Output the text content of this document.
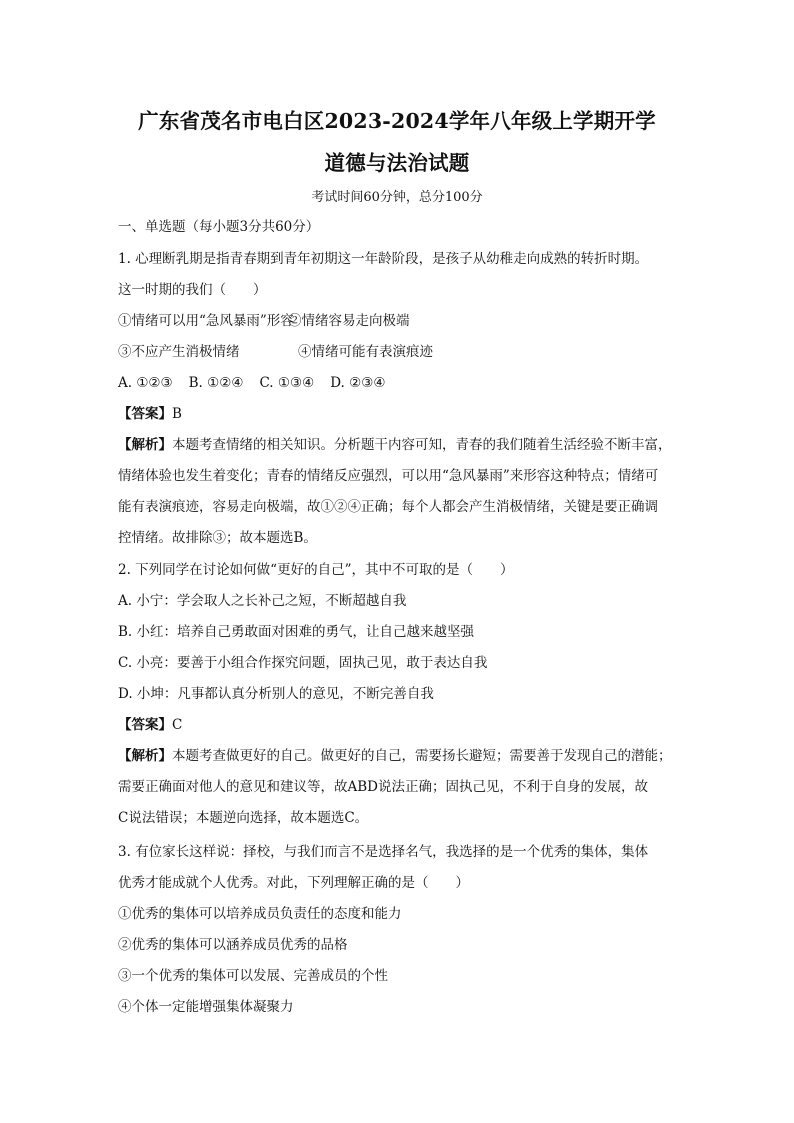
广东省茂名市电白区2023-2024学年八年级上学期开学
道德与法治试题
考试时间60分钟，总分100分
一、单选题（每小题3分共60分）
1. 心理断乳期是指青春期到青年初期这一年龄阶段，是孩子从幼稚走向成熟的转折时期。
这一时期的我们（　　）
①情绪可以用“急风暴雨”形容②情绪容易走向极端
③不应产生消极情绪	④情绪可能有表演痕迹
A. ①②③ B. ①②④ C. ①③④ D. ②③④
【答案】B
【解析】本题考查情绪的相关知识。分析题干内容可知，青春的我们随着生活经验不断丰富，
情绪体验也发生着变化；青春的情绪反应强烈，可以用“急风暴雨”来形容这种特点；情绪可
能有表演痕迹，容易走向极端，故①②④正确；每个人都会产生消极情绪，关键是要正确调
控情绪。故排除③；故本题选B。
2. 下列同学在讨论如何做“更好的自己”，其中不可取的是（　　）
A. 小宁：学会取人之长补己之短，不断超越自我
B. 小红：培养自己勇敢面对困难的勇气，让自己越来越坚强
C. 小亮：要善于小组合作探究问题，固执己见，敢于表达自我
D. 小坤：凡事都认真分析别人的意见，不断完善自我
【答案】C
【解析】本题考查做更好的自己。做更好的自己，需要扬长避短；需要善于发现自己的潜能；
需要正确面对他人的意见和建议等，故ABD说法正确；固执己见，不利于自身的发展，故
C说法错误；本题逆向选择，故本题选C。
3. 有位家长这样说：择校，与我们而言不是选择名气，我选择的是一个优秀的集体，集体
优秀才能成就个人优秀。对此，下列理解正确的是（　　）
①优秀的集体可以培养成员负责任的态度和能力
②优秀的集体可以涵养成员优秀的品格
③一个优秀的集体可以发展、完善成员的个性
④个体一定能增强集体凝聚力
